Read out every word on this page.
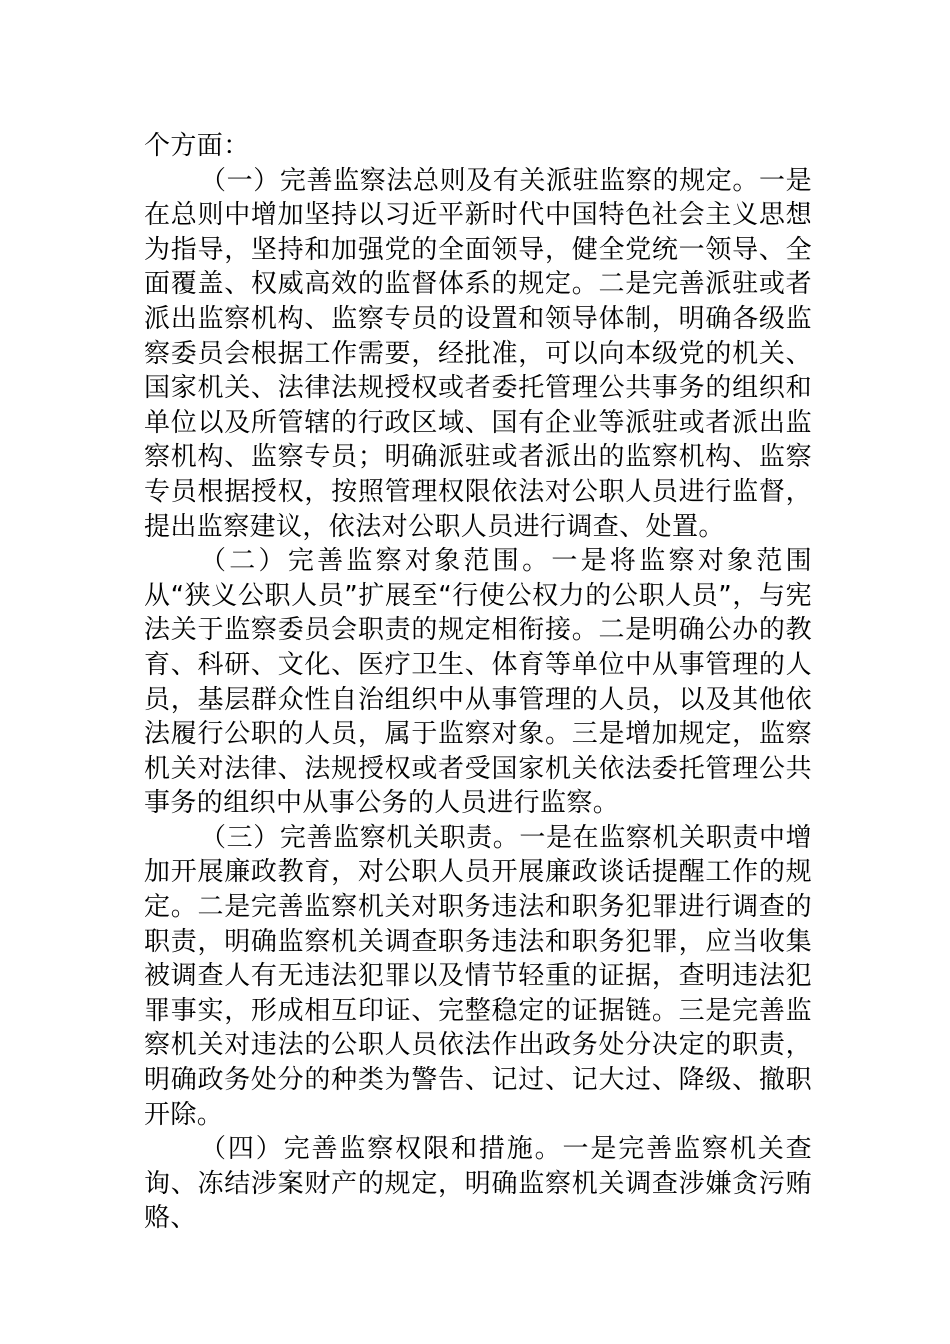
个方面：

（一）完善监察法总则及有关派驻监察的规定。一是在总则中增加坚持以习近平新时代中国特色社会主义思想为指导，坚持和加强党的全面领导，健全党统一领导、全面覆盖、权威高效的监督体系的规定。二是完善派驻或者派出监察机构、监察专员的设置和领导体制，明确各级监察委员会根据工作需要，经批准，可以向本级党的机关、国家机关、法律法规授权或者委托管理公共事务的组织和单位以及所管辖的行政区域、国有企业等派驻或者派出监察机构、监察专员；明确派驻或者派出的监察机构、监察专员根据授权，按照管理权限依法对公职人员进行监督，提出监察建议，依法对公职人员进行调查、处置。

（二）完善监察对象范围。一是将监察对象范围从“狭义公职人员”扩展至“行使公权力的公职人员”，与宪法关于监察委员会职责的规定相衔接。二是明确公办的教育、科研、文化、医疗卫生、体育等单位中从事管理的人员，基层群众性自治组织中从事管理的人员，以及其他依法履行公职的人员，属于监察对象。三是增加规定，监察机关对法律、法规授权或者受国家机关依法委托管理公共事务的组织中从事公务的人员进行监察。

（三）完善监察机关职责。一是在监察机关职责中增加开展廉政教育，对公职人员开展廉政谈话提醒工作的规定。二是完善监察机关对职务违法和职务犯罪进行调查的职责，明确监察机关调查职务违法和职务犯罪，应当收集被调查人有无违法犯罪以及情节轻重的证据，查明违法犯罪事实，形成相互印证、完整稳定的证据链。三是完善监察机关对违法的公职人员依法作出政务处分决定的职责，明确政务处分的种类为警告、记过、记大过、降级、撤职开除。

（四）完善监察权限和措施。一是完善监察机关查询、冻结涉案财产的规定，明确监察机关调查涉嫌贪污贿赂、
